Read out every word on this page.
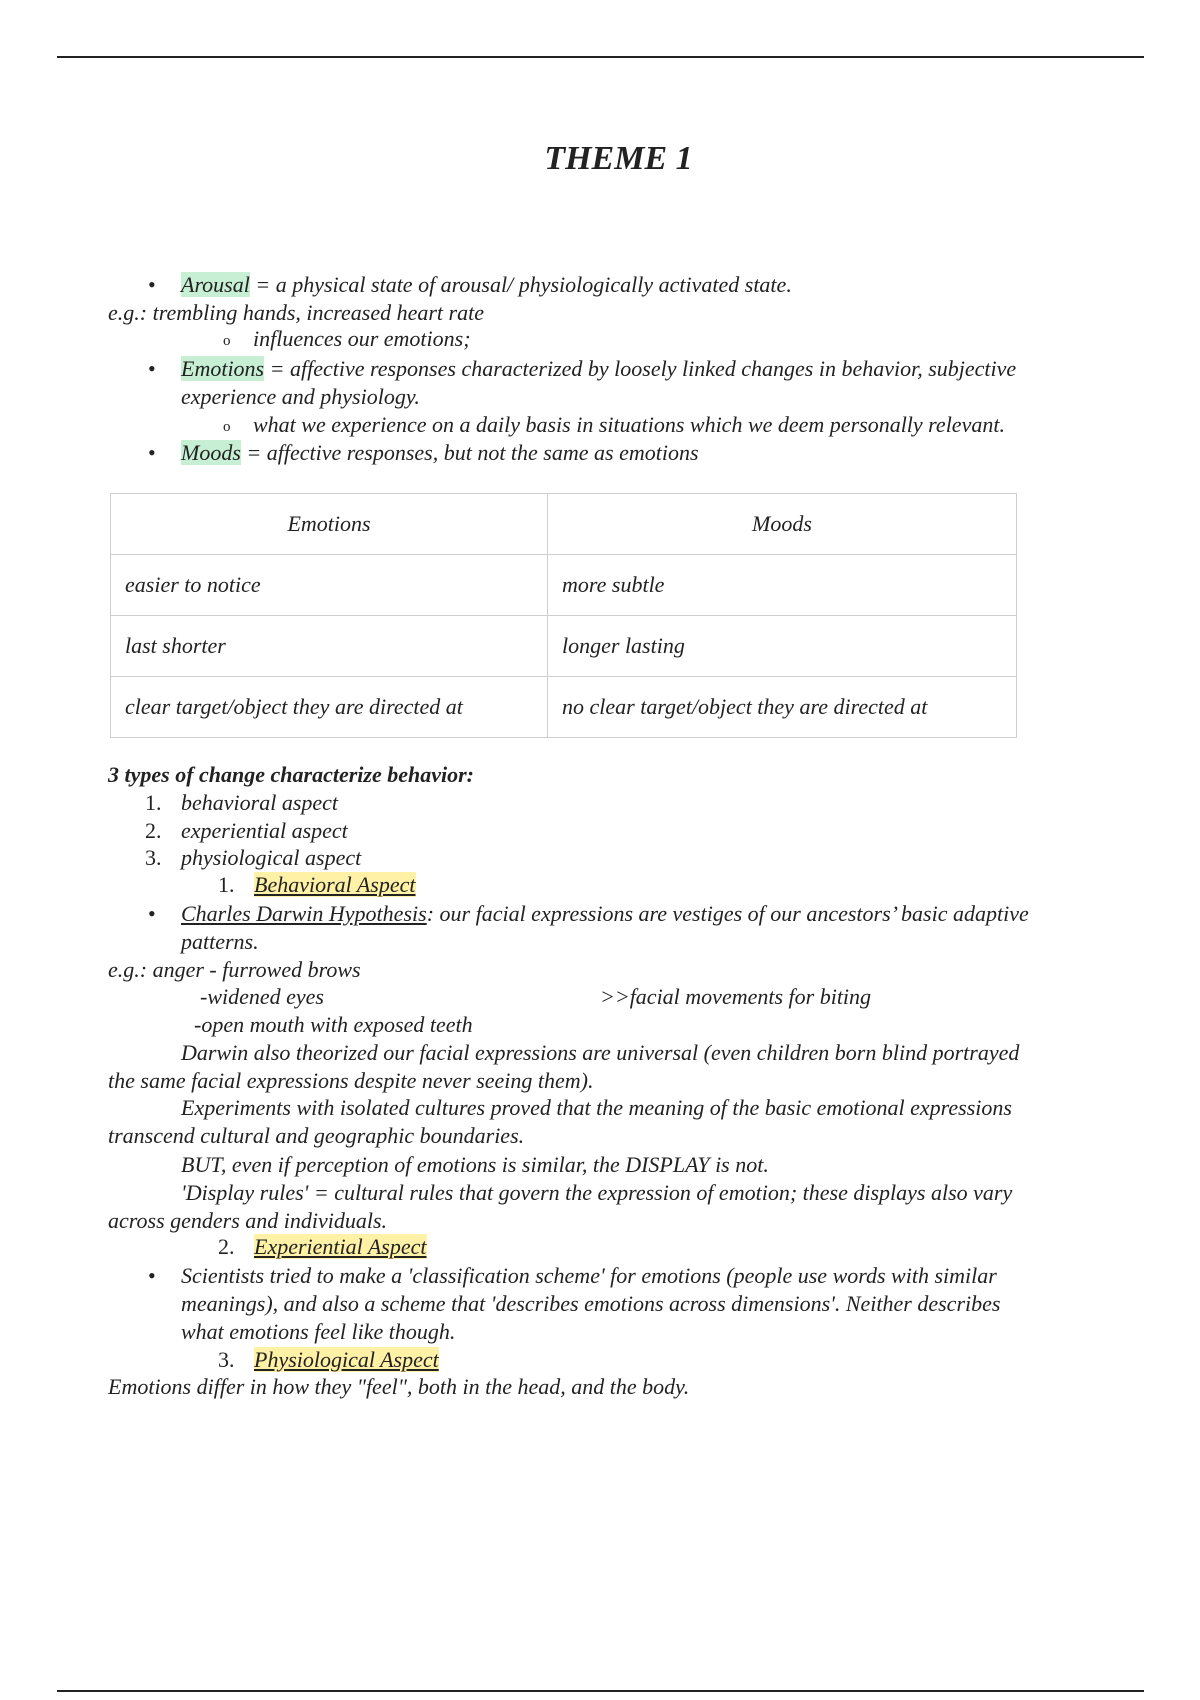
THEME 1
• Arousal = a physical state of arousal/ physiologically activated state.
e.g.: trembling hands, increased heart rate
o influences our emotions;
• Emotions = affective responses characterized by loosely linked changes in behavior, subjective
experience and physiology.
o what we experience on a daily basis in situations which we deem personally relevant.
• Moods = affective responses, but not the same as emotions
Emotions	Moods
easier to notice	more subtle
last shorter	longer lasting
clear target/object they are directed at	no clear target/object they are directed at
3 types of change characterize behavior:
1. behavioral aspect
2. experiential aspect
3. physiological aspect
1. Behavioral Aspect
• Charles Darwin Hypothesis: our facial expressions are vestiges of our ancestors’ basic adaptive
patterns.
e.g.: anger - furrowed brows
-widened eyes	>>facial movements for biting
-open mouth with exposed teeth
Darwin also theorized our facial expressions are universal (even children born blind portrayed
the same facial expressions despite never seeing them).
Experiments with isolated cultures proved that the meaning of the basic emotional expressions
transcend cultural and geographic boundaries.
BUT, even if perception of emotions is similar, the DISPLAY is not.
'Display rules' = cultural rules that govern the expression of emotion; these displays also vary
across genders and individuals.
2. Experiential Aspect
• Scientists tried to make a 'classification scheme' for emotions (people use words with similar
meanings), and also a scheme that 'describes emotions across dimensions'. Neither describes
what emotions feel like though.
3. Physiological Aspect
Emotions differ in how they "feel", both in the head, and the body.
